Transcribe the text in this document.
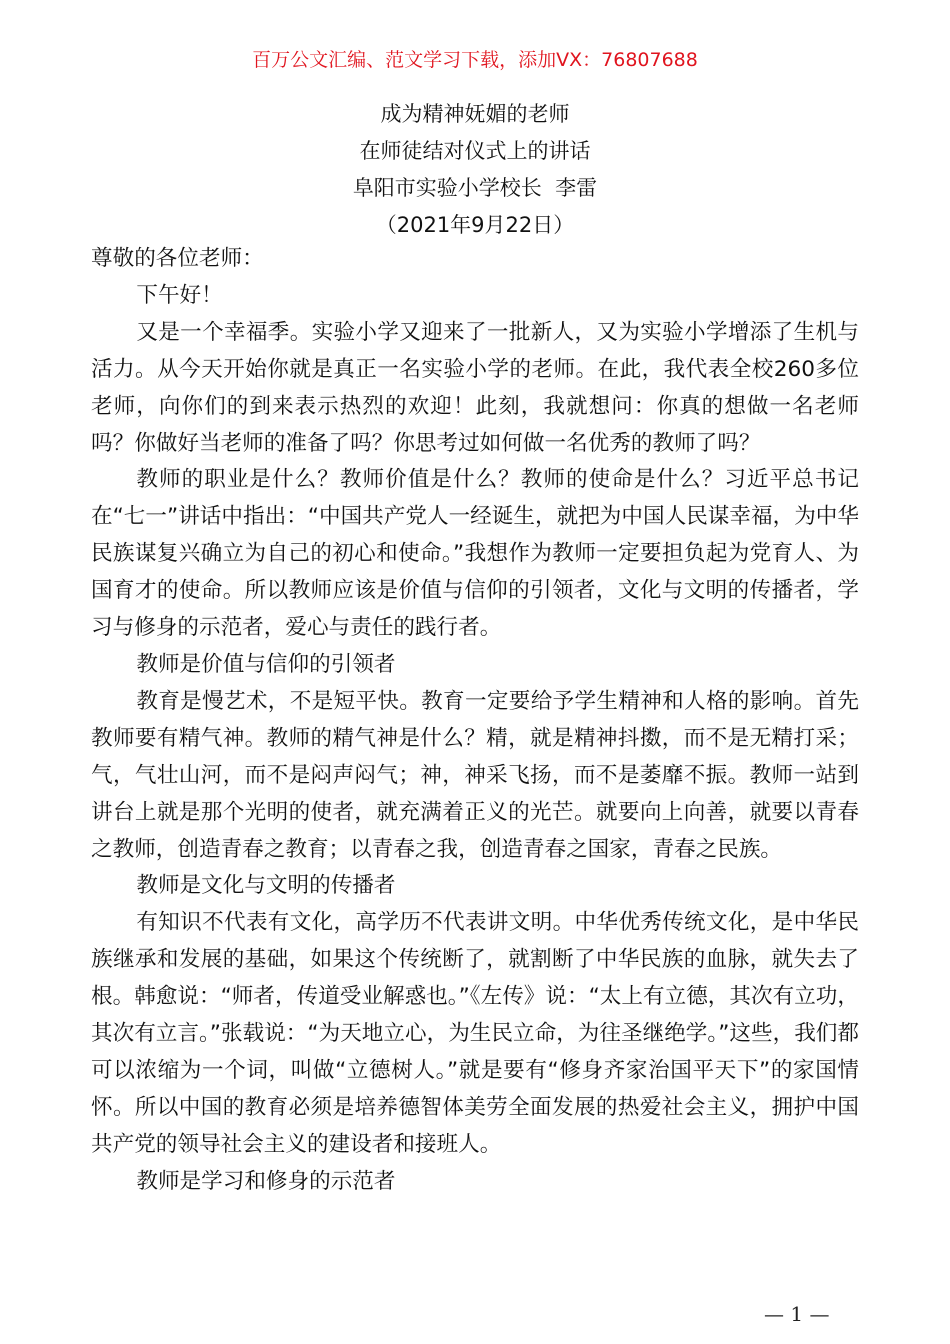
百万公文汇编、范文学习下载，添加VX：76807688
成为精神妩媚的老师
在师徒结对仪式上的讲话
阜阳市实验小学校长  李雷
（2021年9月22日）

尊敬的各位老师：

下午好！

又是一个幸福季。实验小学又迎来了一批新人，又为实验小学增添了生机与活力。从今天开始你就是真正一名实验小学的老师。在此，我代表全校260多位老师，向你们的到来表示热烈的欢迎！此刻，我就想问：你真的想做一名老师吗？你做好当老师的准备了吗？你思考过如何做一名优秀的教师了吗？

教师的职业是什么？教师价值是什么？教师的使命是什么？习近平总书记在“七一”讲话中指出：“中国共产党人一经诞生，就把为中国人民谋幸福，为中华民族谋复兴确立为自己的初心和使命。”我想作为教师一定要担负起为党育人、为国育才的使命。所以教师应该是价值与信仰的引领者，文化与文明的传播者，学习与修身的示范者，爱心与责任的践行者。

教师是价值与信仰的引领者

教育是慢艺术，不是短平快。教育一定要给予学生精神和人格的影响。首先教师要有精气神。教师的精气神是什么？精，就是精神抖擞，而不是无精打采；气，气壮山河，而不是闷声闷气；神，神采飞扬，而不是萎靡不振。教师一站到讲台上就是那个光明的使者，就充满着正义的光芒。就要向上向善，就要以青春之教师，创造青春之教育；以青春之我，创造青春之国家，青春之民族。

教师是文化与文明的传播者

有知识不代表有文化，高学历不代表讲文明。中华优秀传统文化，是中华民族继承和发展的基础，如果这个传统断了，就割断了中华民族的血脉，就失去了根。韩愈说：“师者，传道受业解惑也。”《左传》说：“太上有立德，其次有立功，其次有立言。”张载说：“为天地立心，为生民立命，为往圣继绝学。”这些，我们都可以浓缩为一个词，叫做“立德树人。”就是要有“修身齐家治国平天下”的家国情怀。所以中国的教育必须是培养德智体美劳全面发展的热爱社会主义，拥护中国共产党的领导社会主义的建设者和接班人。

教师是学习和修身的示范者

— 1 —
